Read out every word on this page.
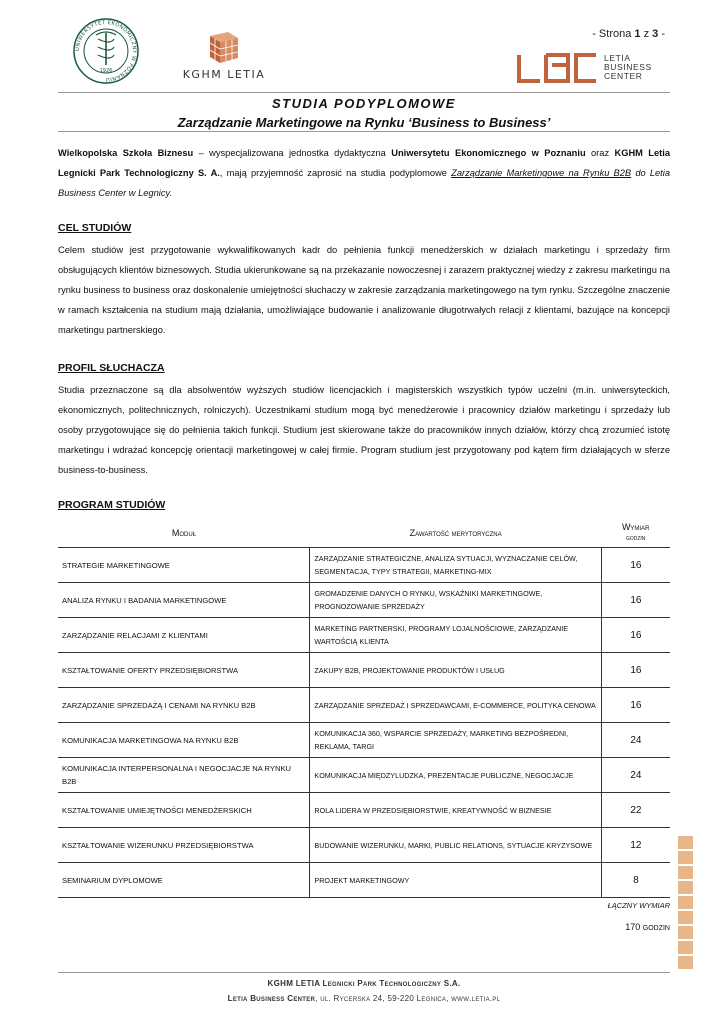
UNIWERSYTET EKONOMICZNY W POZNANIU
1926	KGHM LETIA
- Strona 1 z 3 -
LETIA
BUSINESS
CENTER
STUDIA PODYPLOMOWE
Zarządzanie Marketingowe na Rynku ‘Business to Business’

Wielkopolska Szkoła Biznesu – wyspecjalizowana jednostka dydaktyczna Uniwersytetu Ekonomicznego w Poznaniu oraz KGHM Letia Legnicki Park Technologiczny S. A., mają przyjemność zaprosić na studia podyplomowe Zarządzanie Marketingowe na Rynku B2B do Letia Business Center w Legnicy.

CEL STUDIÓW

Celem studiów jest przygotowanie wykwalifikowanych kadr do pełnienia funkcji menedżerskich w działach marketingu i sprzedaży firm obsługujących klientów biznesowych. Studia ukierunkowane są na przekazanie nowoczesnej i zarazem praktycznej wiedzy z zakresu marketingu na rynku business to business oraz doskonalenie umiejętności słuchaczy w zakresie zarządzania marketingowego na tym rynku. Szczególne znaczenie w ramach kształcenia na studium mają działania, umożliwiające budowanie i analizowanie długotrwałych relacji z klientami, bazujące na koncepcji marketingu partnerskiego.

PROFIL SŁUCHACZA

Studia przeznaczone są dla absolwentów wyższych studiów licencjackich i magisterskich wszystkich typów uczelni (m.in. uniwersyteckich, ekonomicznych, politechnicznych, rolniczych). Uczestnikami studium mogą być menedżerowie i pracownicy działów marketingu i sprzedaży lub osoby przygotowujące się do pełnienia takich funkcji. Studium jest skierowane także do pracowników innych działów, którzy chcą zrozumieć istotę marketingu i wdrażać koncepcję orientacji marketingowej w całej firmie. Program studium jest przygotowany pod kątem firm działających w sferze business-to-business.

PROGRAM STUDIÓW
Moduł	Zawartość merytoryczna	Wymiar
godzin

STRATEGIE MARKETINGOWE	ZARZĄDZANIE STRATEGICZNE, ANALIZA SYTUACJI, WYZNACZANIE CELÓW, SEGMENTACJA, TYPY STRATEGII, MARKETING-MIX	16
ANALIZA RYNKU I BADANIA MARKETINGOWE	GROMADZENIE DANYCH O RYNKU, WSKAŹNIKI MARKETINGOWE, PROGNOZOWANIE SPRZEDAŻY	16
ZARZĄDZANIE RELACJAMI Z KLIENTAMI	MARKETING PARTNERSKI, PROGRAMY LOJALNOŚCIOWE, ZARZĄDZANIE WARTOŚCIĄ KLIENTA	16
KSZTAŁTOWANIE OFERTY PRZEDSIĘBIORSTWA	ZAKUPY B2B, PROJEKTOWANIE PRODUKTÓW I USŁUG	16
ZARZĄDZANIE SPRZEDAŻĄ I CENAMI NA RYNKU B2B	ZARZĄDZANIE SPRZEDAŻ I SPRZEDAWCAMI, E-COMMERCE, POLITYKA CENOWA	16
KOMUNIKACJA MARKETINGOWA NA RYNKU B2B	KOMUNIKACJA 360, WSPARCIE SPRZEDAŻY, MARKETING BEZPOŚREDNI, REKLAMA, TARGI	24
KOMUNIKACJA INTERPERSONALNA I NEGOCJACJE NA RYNKU B2B	KOMUNIKACJA MIĘDZYLUDZKA, PREZENTACJE PUBLICZNE, NEGOCJACJE	24
KSZTAŁTOWANIE UMIEJĘTNOŚCI MENEDŻERSKICH	ROLA LIDERA W PRZEDSIĘBIORSTWIE, KREATYWNOŚĆ W BIZNESIE	22
KSZTAŁTOWANIE WIZERUNKU PRZEDSIĘBIORSTWA	BUDOWANIE WIZERUNKU, MARKI, PUBLIC RELATIONS, SYTUACJE KRYZYSOWE	12
SEMINARIUM DYPLOMOWE	PROJEKT MARKETINGOWY	8
ŁĄCZNY WYMIAR
170 GODZIN
KGHM LETIA Legnicki Park Technologiczny S.A.
Letia Business Center, ul. Rycerska 24, 59-220 Legnica, www.letia.pl
